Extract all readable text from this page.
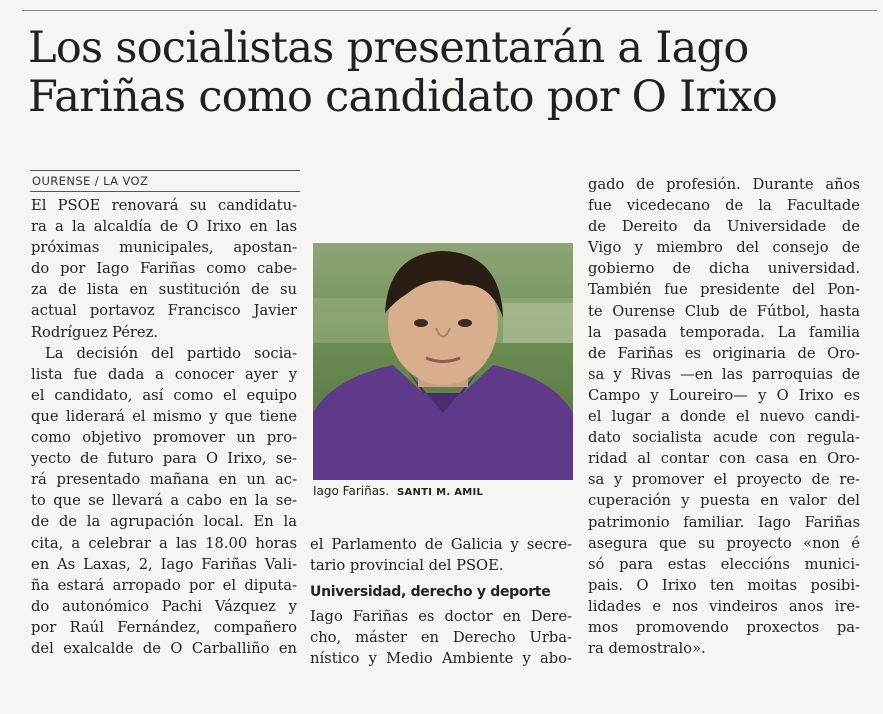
Los socialistas presentarán a Iago
Fariñas como candidato por O Irixo
OURENSE / LA VOZ
El PSOE renovará su candidatu-
ra a la alcaldía de O Irixo en las
próximas municipales, apostan-
do por Iago Fariñas como cabe-
za de lista en sustitución de su
actual portavoz Francisco Javier
Rodríguez Pérez.
La decisión del partido socia-
lista fue dada a conocer ayer y
el candidato, así como el equipo
que liderará el mismo y que tiene
como objetivo promover un pro-
yecto de futuro para O Irixo, se-
rá presentado mañana en un ac-
to que se llevará a cabo en la se-
de de la agrupación local. En la
cita, a celebrar a las 18.00 horas
en As Laxas, 2, Iago Fariñas Vali-
ña estará arropado por el diputa-
do autonómico Pachi Vázquez y
por Raúl Fernández, compañero
del exalcalde de O Carballiño en
Iago Fariñas. SANTI M. AMIL
el Parlamento de Galicia y secre-
tario provincial del PSOE.
Universidad, derecho y deporte
Iago Fariñas es doctor en Dere-
cho, máster en Derecho Urba-
nístico y Medio Ambiente y abo-
gado de profesión. Durante años
fue vicedecano de la Facultade
de Dereito da Universidade de
Vigo y miembro del consejo de
gobierno de dicha universidad.
También fue presidente del Pon-
te Ourense Club de Fútbol, hasta
la pasada temporada. La familia
de Fariñas es originaria de Oro-
sa y Rivas —en las parroquias de
Campo y Loureiro— y O Irixo es
el lugar a donde el nuevo candi-
dato socialista acude con regula-
ridad al contar con casa en Oro-
sa y promover el proyecto de re-
cuperación y puesta en valor del
patrimonio familiar. Iago Fariñas
asegura que su proyecto «non é
só para estas eleccións munici-
pais. O Irixo ten moitas posibi-
lidades e nos vindeiros anos ire-
mos promovendo proxectos pa-
ra demostralo».
